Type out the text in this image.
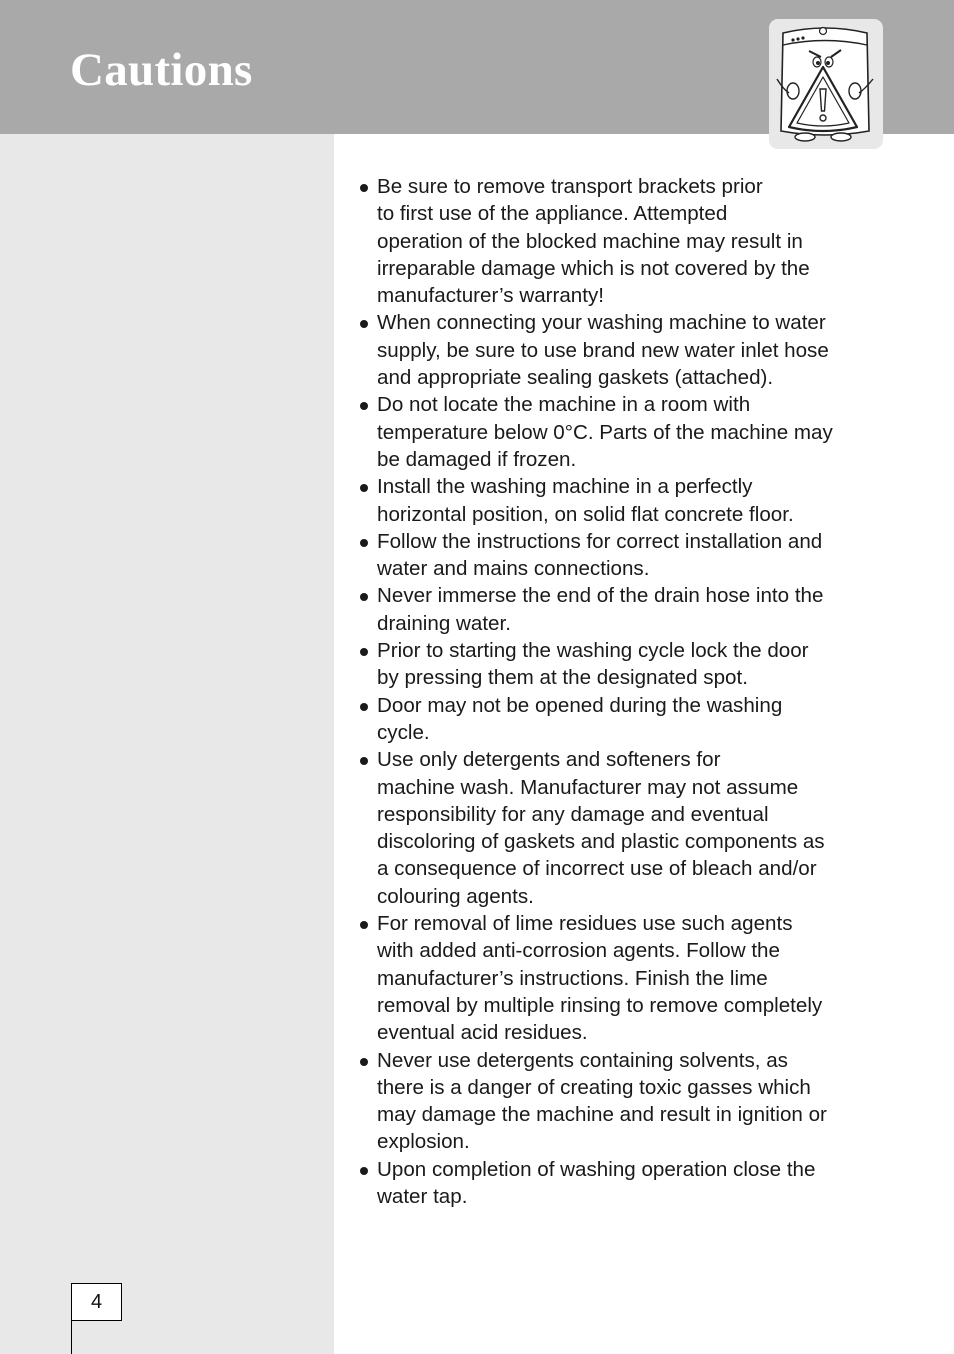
Cautions
Be sure to remove transport brackets prior
to first use of the appliance. Attempted
operation of the blocked machine may result in
irreparable damage which is not covered by the
manufacturer’s warranty!
When connecting your washing machine to water
supply, be sure to use brand new water inlet hose
and appropriate sealing gaskets (attached).
Do not locate the machine in a room with
temperature below 0°C. Parts of the machine may
be damaged if frozen.
Install the washing machine in a perfectly
horizontal position, on solid flat concrete floor.
Follow the instructions for correct installation and
water and mains connections.
Never immerse the end of the drain hose into the
draining water.
Prior to starting the washing cycle lock the door
by pressing them at the designated spot.
Door may not be opened during the washing
cycle.
Use only detergents and softeners for
machine wash. Manufacturer may not assume
responsibility for any damage and eventual
discoloring of gaskets and plastic components as
a consequence of incorrect use of bleach and/or
colouring agents.
For removal of lime residues use such agents
with added anti-corrosion agents. Follow the
manufacturer’s instructions. Finish the lime
removal by multiple rinsing to remove completely
eventual acid residues.
Never use detergents containing solvents, as
there is a danger of creating toxic gasses which
may damage the machine and result in ignition or
explosion.
Upon completion of washing operation close the
water tap.
4
